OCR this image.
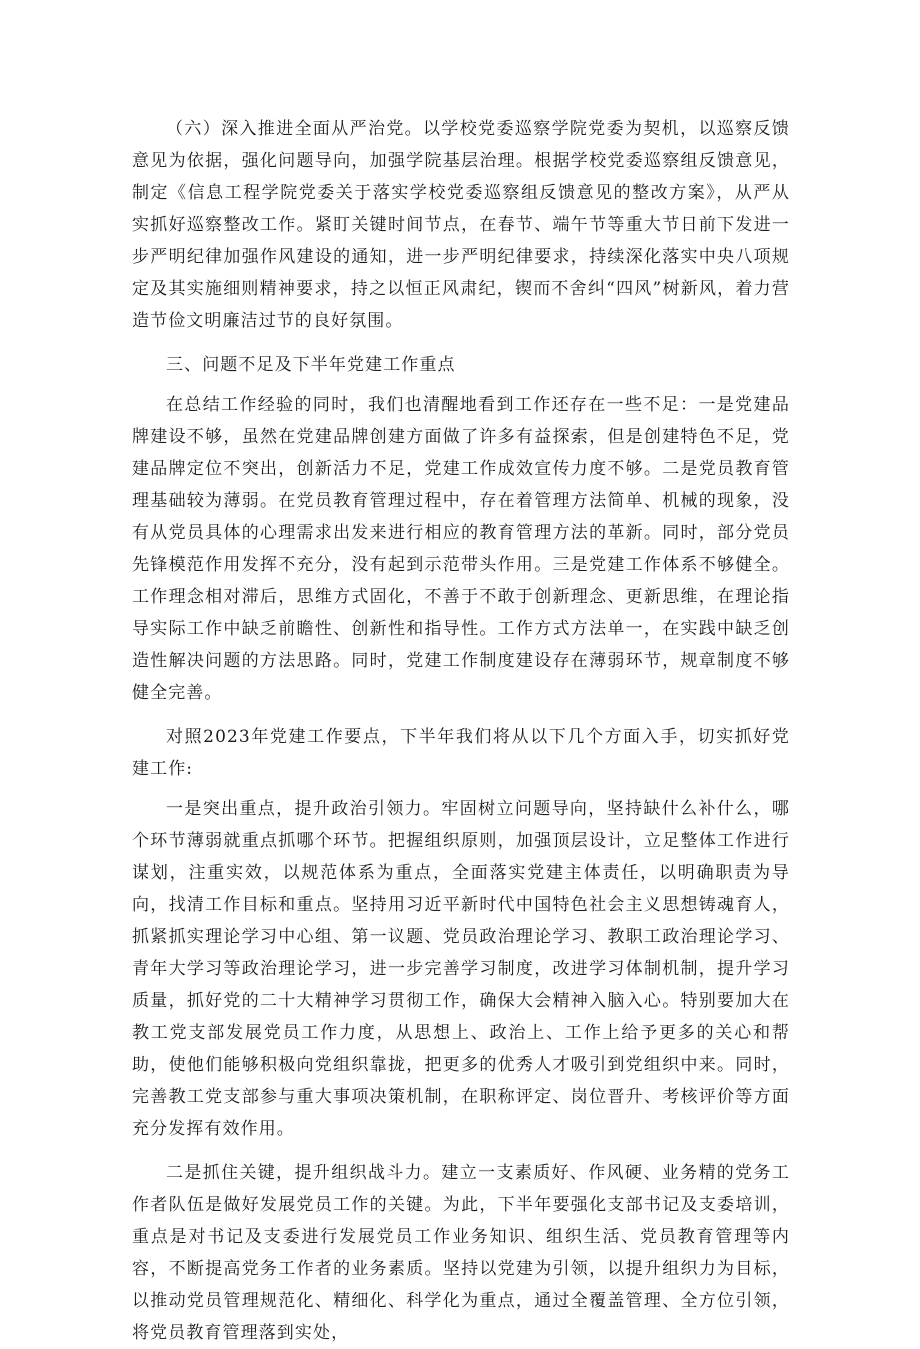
（六）深入推进全面从严治党。以学校党委巡察学院党委为契机，以巡察反馈意见为依据，强化问题导向，加强学院基层治理。根据学校党委巡察组反馈意见，制定《信息工程学院党委关于落实学校党委巡察组反馈意见的整改方案》，从严从实抓好巡察整改工作。紧盯关键时间节点，在春节、端午节等重大节日前下发进一步严明纪律加强作风建设的通知，进一步严明纪律要求，持续深化落实中央八项规定及其实施细则精神要求，持之以恒正风肃纪，锲而不舍纠“四风”树新风，着力营造节俭文明廉洁过节的良好氛围。

三、问题不足及下半年党建工作重点

在总结工作经验的同时，我们也清醒地看到工作还存在一些不足：一是党建品牌建设不够，虽然在党建品牌创建方面做了许多有益探索，但是创建特色不足，党建品牌定位不突出，创新活力不足，党建工作成效宣传力度不够。二是党员教育管理基础较为薄弱。在党员教育管理过程中，存在着管理方法简单、机械的现象，没有从党员具体的心理需求出发来进行相应的教育管理方法的革新。同时，部分党员先锋模范作用发挥不充分，没有起到示范带头作用。三是党建工作体系不够健全。工作理念相对滞后，思维方式固化，不善于不敢于创新理念、更新思维，在理论指导实际工作中缺乏前瞻性、创新性和指导性。工作方式方法单一，在实践中缺乏创造性解决问题的方法思路。同时，党建工作制度建设存在薄弱环节，规章制度不够健全完善。

对照2023年党建工作要点，下半年我们将从以下几个方面入手，切实抓好党建工作:

一是突出重点，提升政治引领力。牢固树立问题导向，坚持缺什么补什么，哪个环节薄弱就重点抓哪个环节。把握组织原则，加强顶层设计，立足整体工作进行谋划，注重实效，以规范体系为重点，全面落实党建主体责任，以明确职责为导向，找清工作目标和重点。坚持用习近平新时代中国特色社会主义思想铸魂育人，抓紧抓实理论学习中心组、第一议题、党员政治理论学习、教职工政治理论学习、青年大学习等政治理论学习，进一步完善学习制度，改进学习体制机制，提升学习质量，抓好党的二十大精神学习贯彻工作，确保大会精神入脑入心。特别要加大在教工党支部发展党员工作力度，从思想上、政治上、工作上给予更多的关心和帮助，使他们能够积极向党组织靠拢，把更多的优秀人才吸引到党组织中来。同时，完善教工党支部参与重大事项决策机制，在职称评定、岗位晋升、考核评价等方面充分发挥有效作用。

二是抓住关键，提升组织战斗力。建立一支素质好、作风硬、业务精的党务工作者队伍是做好发展党员工作的关键。为此，下半年要强化支部书记及支委培训，重点是对书记及支委进行发展党员工作业务知识、组织生活、党员教育管理等内容，不断提高党务工作者的业务素质。坚持以党建为引领，以提升组织力为目标，以推动党员管理规范化、精细化、科学化为重点，通过全覆盖管理、全方位引领，将党员教育管理落到实处，
